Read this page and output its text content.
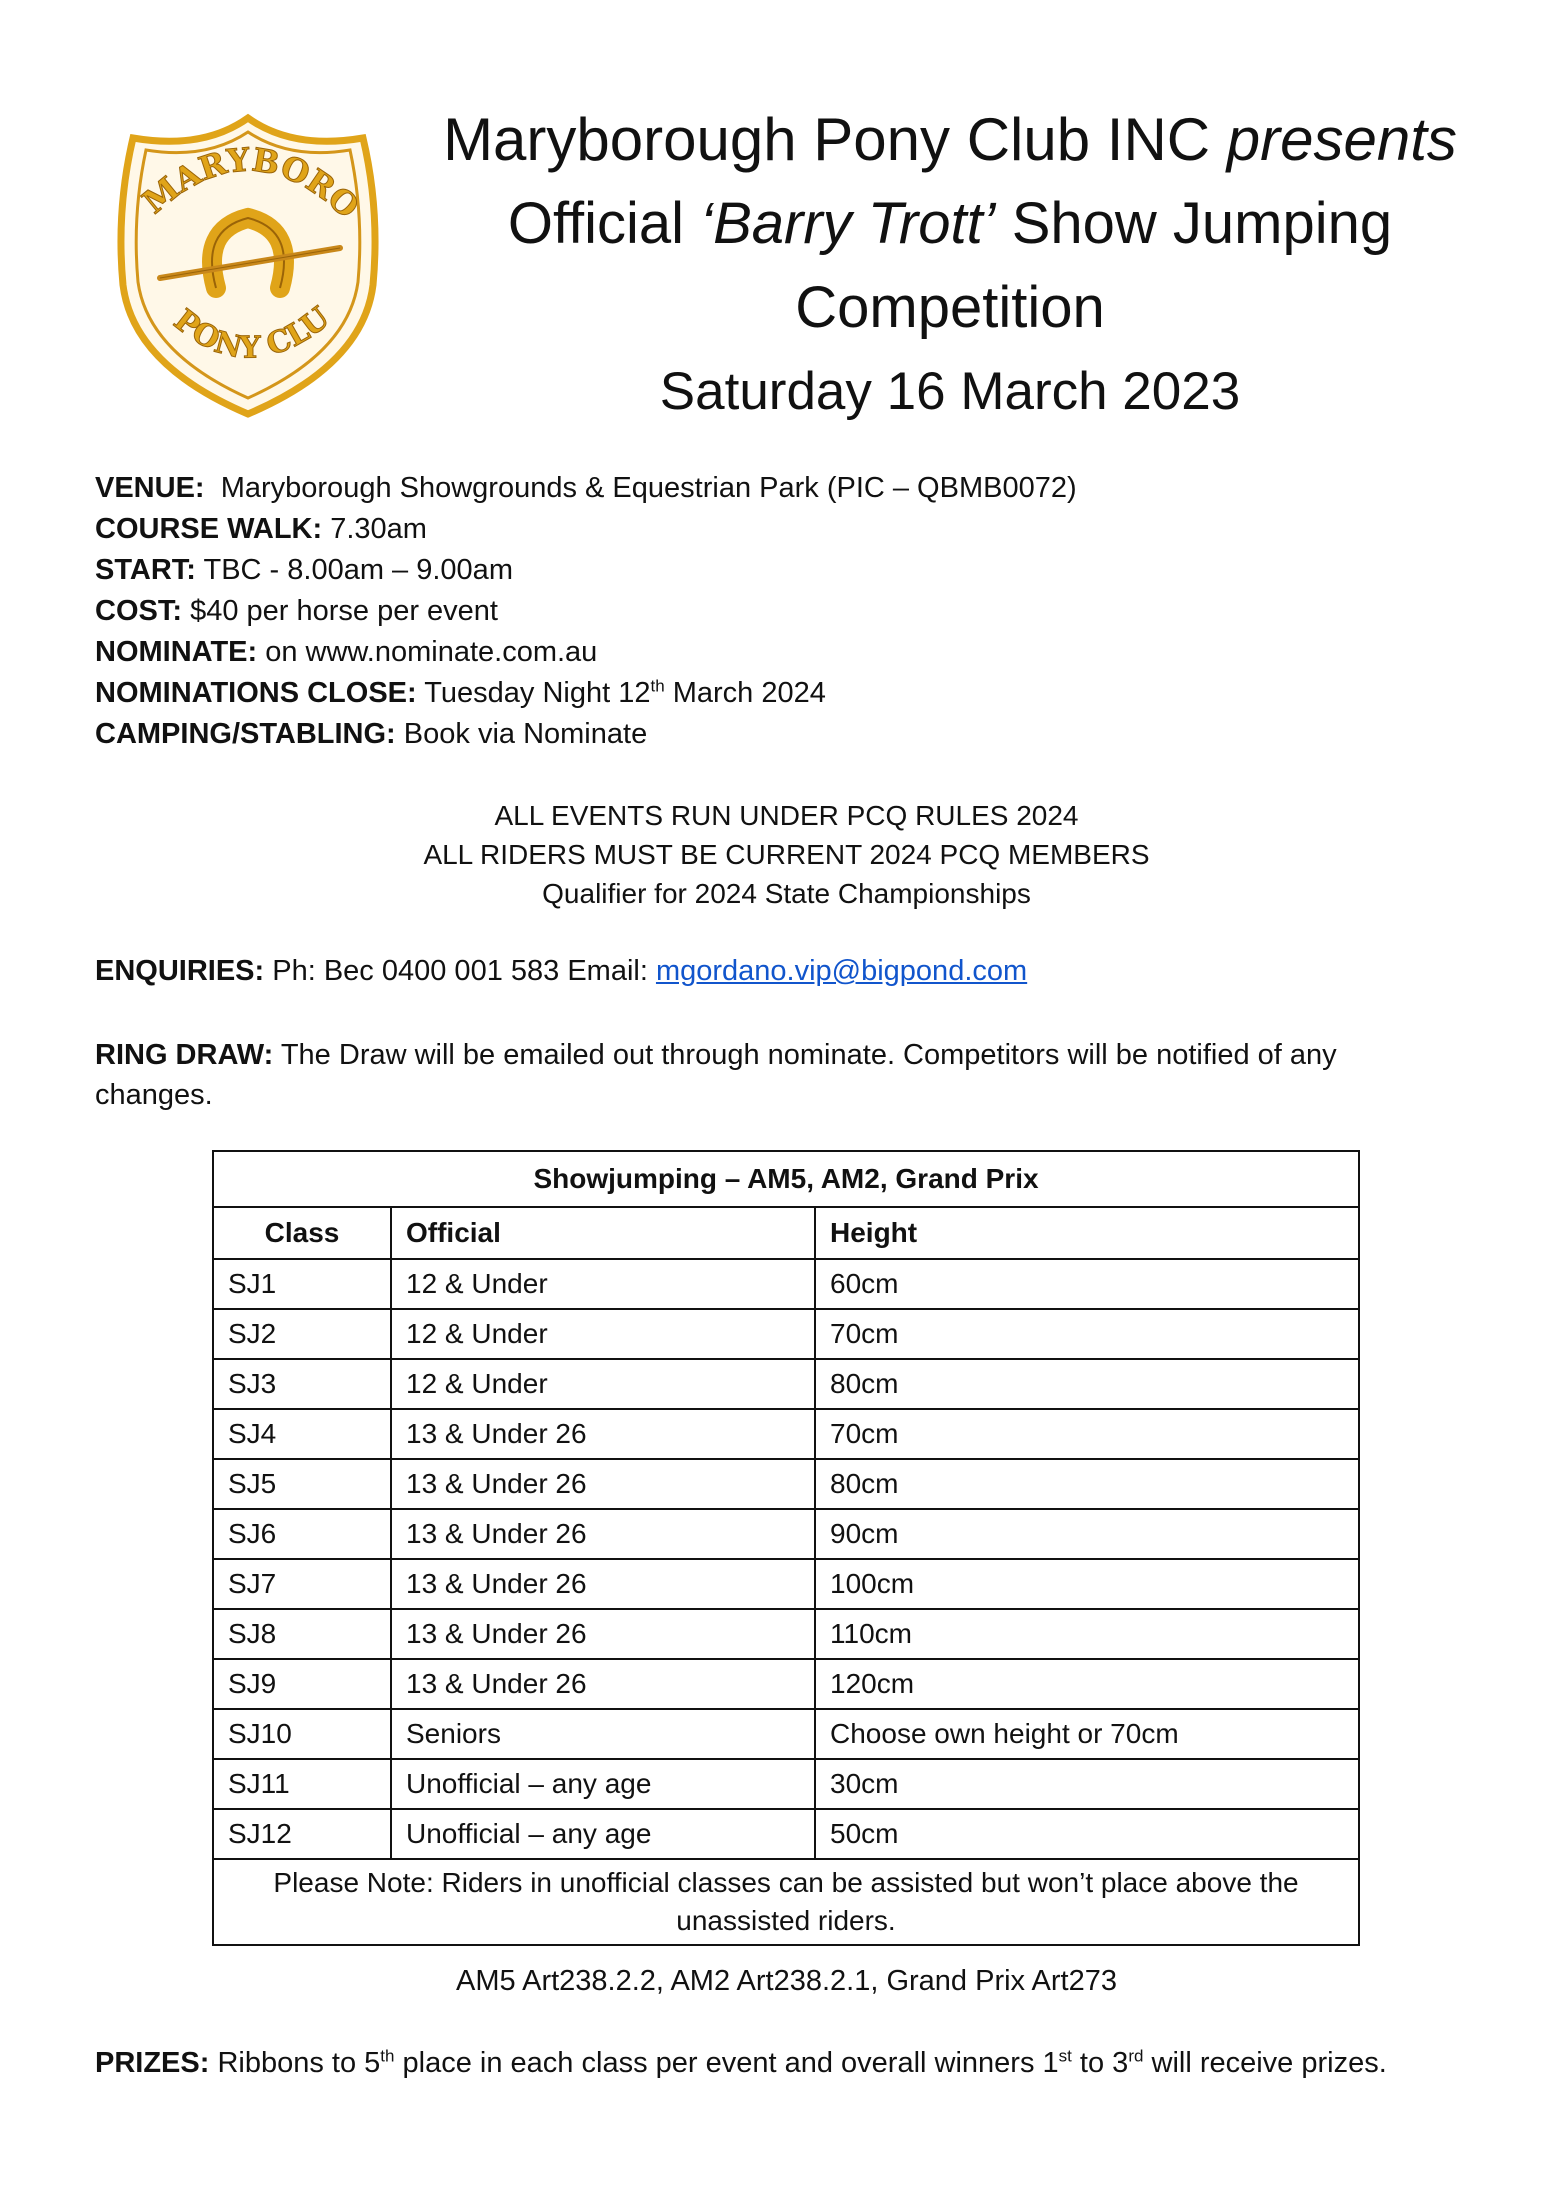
MARYBORO
PONY CLU
Maryborough Pony Club INC presents
Official ‘Barry Trott’ Show Jumping
Competition
Saturday 16 March 2023
VENUE: Maryborough Showgrounds & Equestrian Park (PIC – QBMB0072)
COURSE WALK: 7.30am
START: TBC - 8.00am – 9.00am
COST: $40 per horse per event
NOMINATE: on www.nominate.com.au
NOMINATIONS CLOSE: Tuesday Night 12th March 2024
CAMPING/STABLING: Book via Nominate
ALL EVENTS RUN UNDER PCQ RULES 2024
ALL RIDERS MUST BE CURRENT 2024 PCQ MEMBERS
Qualifier for 2024 State Championships
ENQUIRIES: Ph: Bec 0400 001 583 Email: mgordano.vip@bigpond.com
RING DRAW: The Draw will be emailed out through nominate. Competitors will be notified of any changes.
Showjumping – AM5, AM2, Grand Prix		
Class	Official	Height
SJ1	12 & Under	60cm
SJ2	12 & Under	70cm
SJ3	12 & Under	80cm
SJ4	13 & Under 26	70cm
SJ5	13 & Under 26	80cm
SJ6	13 & Under 26	90cm
SJ7	13 & Under 26	100cm
SJ8	13 & Under 26	110cm
SJ9	13 & Under 26	120cm
SJ10	Seniors	Choose own height or 70cm
SJ11	Unofficial – any age	30cm
SJ12	Unofficial – any age	50cm
Please Note: Riders in unofficial classes can be assisted but won’t place above the unassisted riders.		
AM5 Art238.2.2, AM2 Art238.2.1, Grand Prix Art273
PRIZES: Ribbons to 5th place in each class per event and overall winners 1st to 3rd will receive prizes.
